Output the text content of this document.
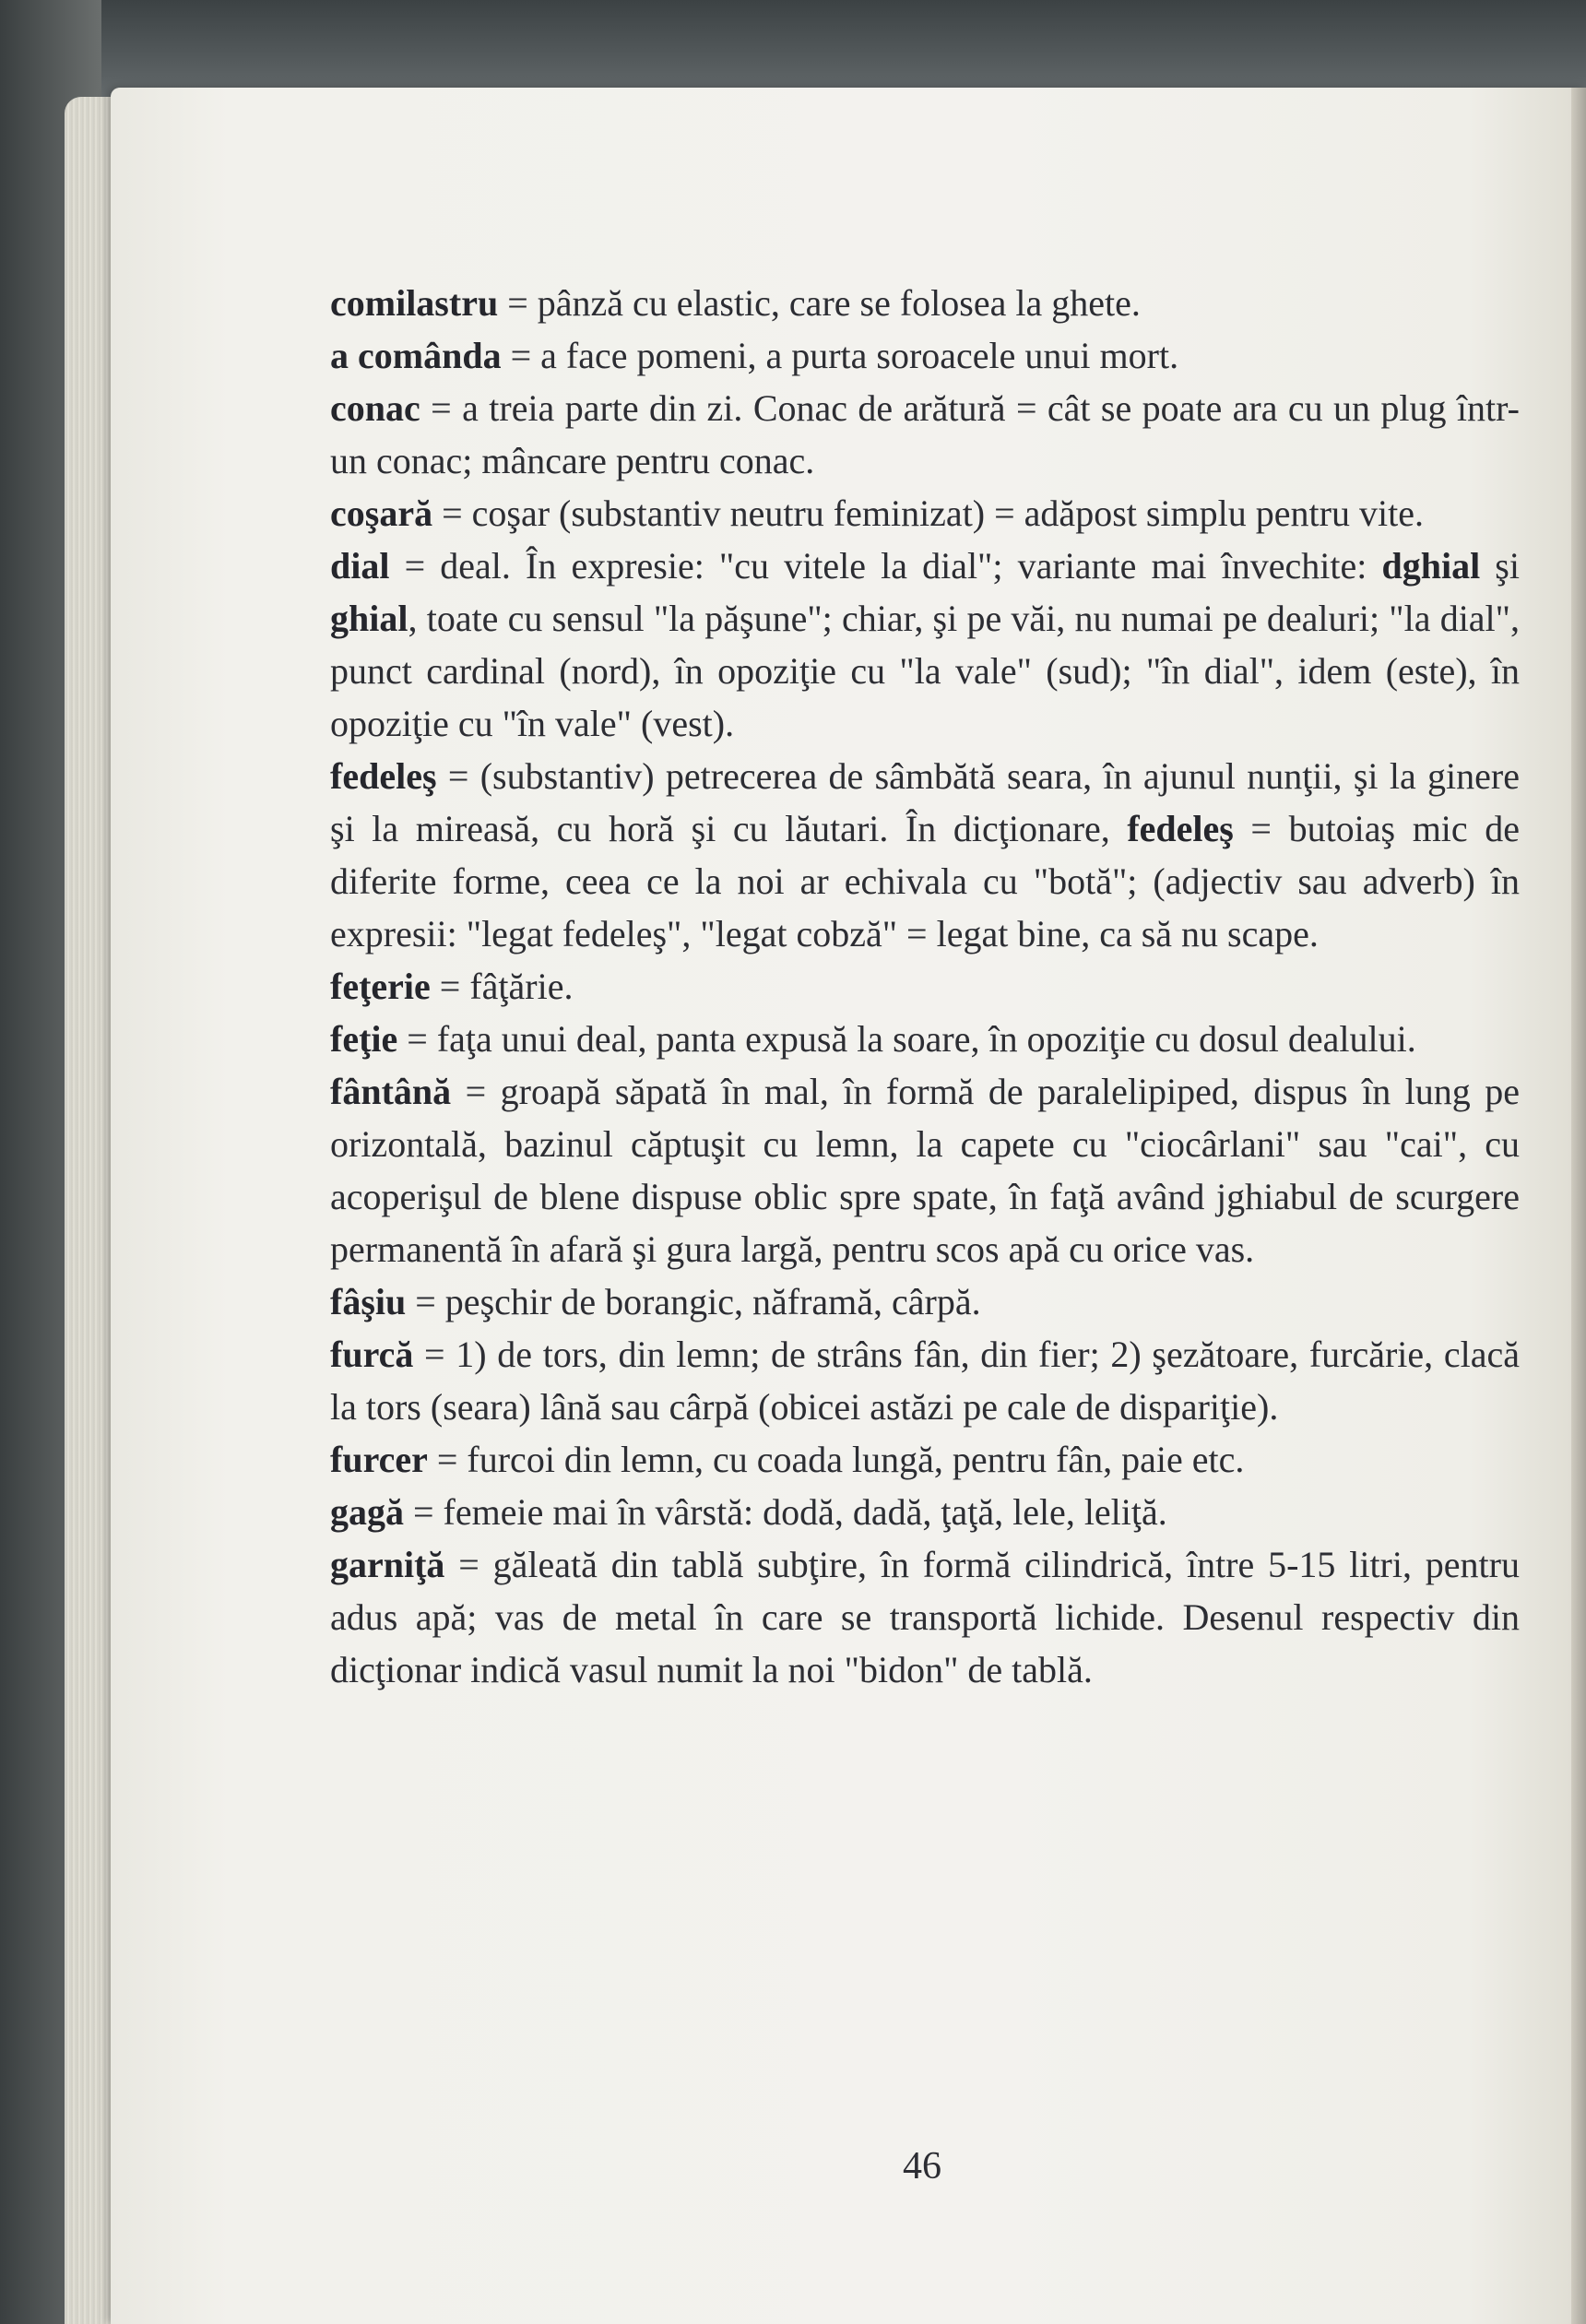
comilastru = pânză cu elastic, care se folosea la ghete.

a comânda = a face pomeni, a purta soroacele unui mort.

conac = a treia parte din zi. Conac de arătură = cât se poate ara cu un plug într-un conac; mâncare pentru conac.

coşară = coşar (substantiv neutru feminizat) = adăpost simplu pentru vite.

dial = deal. În expresie: "cu vitele la dial"; variante mai învechite: dghial şi ghial, toate cu sensul "la păşune"; chiar, şi pe văi, nu numai pe dealuri; "la dial", punct cardinal (nord), în opoziţie cu "la vale" (sud); "în dial", idem (este), în opoziţie cu "în vale" (vest).

fedeleş = (substantiv) petrecerea de sâmbătă seara, în ajunul nunţii, şi la ginere şi la mireasă, cu horă şi cu lăutari. În dicţionare, fedeleş = butoiaş mic de diferite forme, ceea ce la noi ar echivala cu "botă"; (adjectiv sau adverb) în expresii: "legat fedeleş", "legat cobză" = legat bine, ca să nu scape.

feţerie = fâţărie.

feţie = faţa unui deal, panta expusă la soare, în opoziţie cu dosul dealului.

fântână = groapă săpată în mal, în formă de paralelipiped, dispus în lung pe orizontală, bazinul căptuşit cu lemn, la capete cu "ciocârlani" sau "cai", cu acoperişul de blene dispuse oblic spre spate, în faţă având jghiabul de scurgere permanentă în afară şi gura largă, pentru scos apă cu orice vas.

fâşiu = peşchir de borangic, năframă, cârpă.

furcă = 1) de tors, din lemn; de strâns fân, din fier; 2) şezătoare, furcărie, clacă la tors (seara) lână sau cârpă (obicei astăzi pe cale de dispariţie).

furcer = furcoi din lemn, cu coada lungă, pentru fân, paie etc.

gagă = femeie mai în vârstă: dodă, dadă, ţaţă, lele, leliţă.

garniţă = găleată din tablă subţire, în formă cilindrică, între 5-15 litri, pentru adus apă; vas de metal în care se transportă lichide. Desenul respectiv din dicţionar indică vasul numit la noi "bidon" de tablă.

46
